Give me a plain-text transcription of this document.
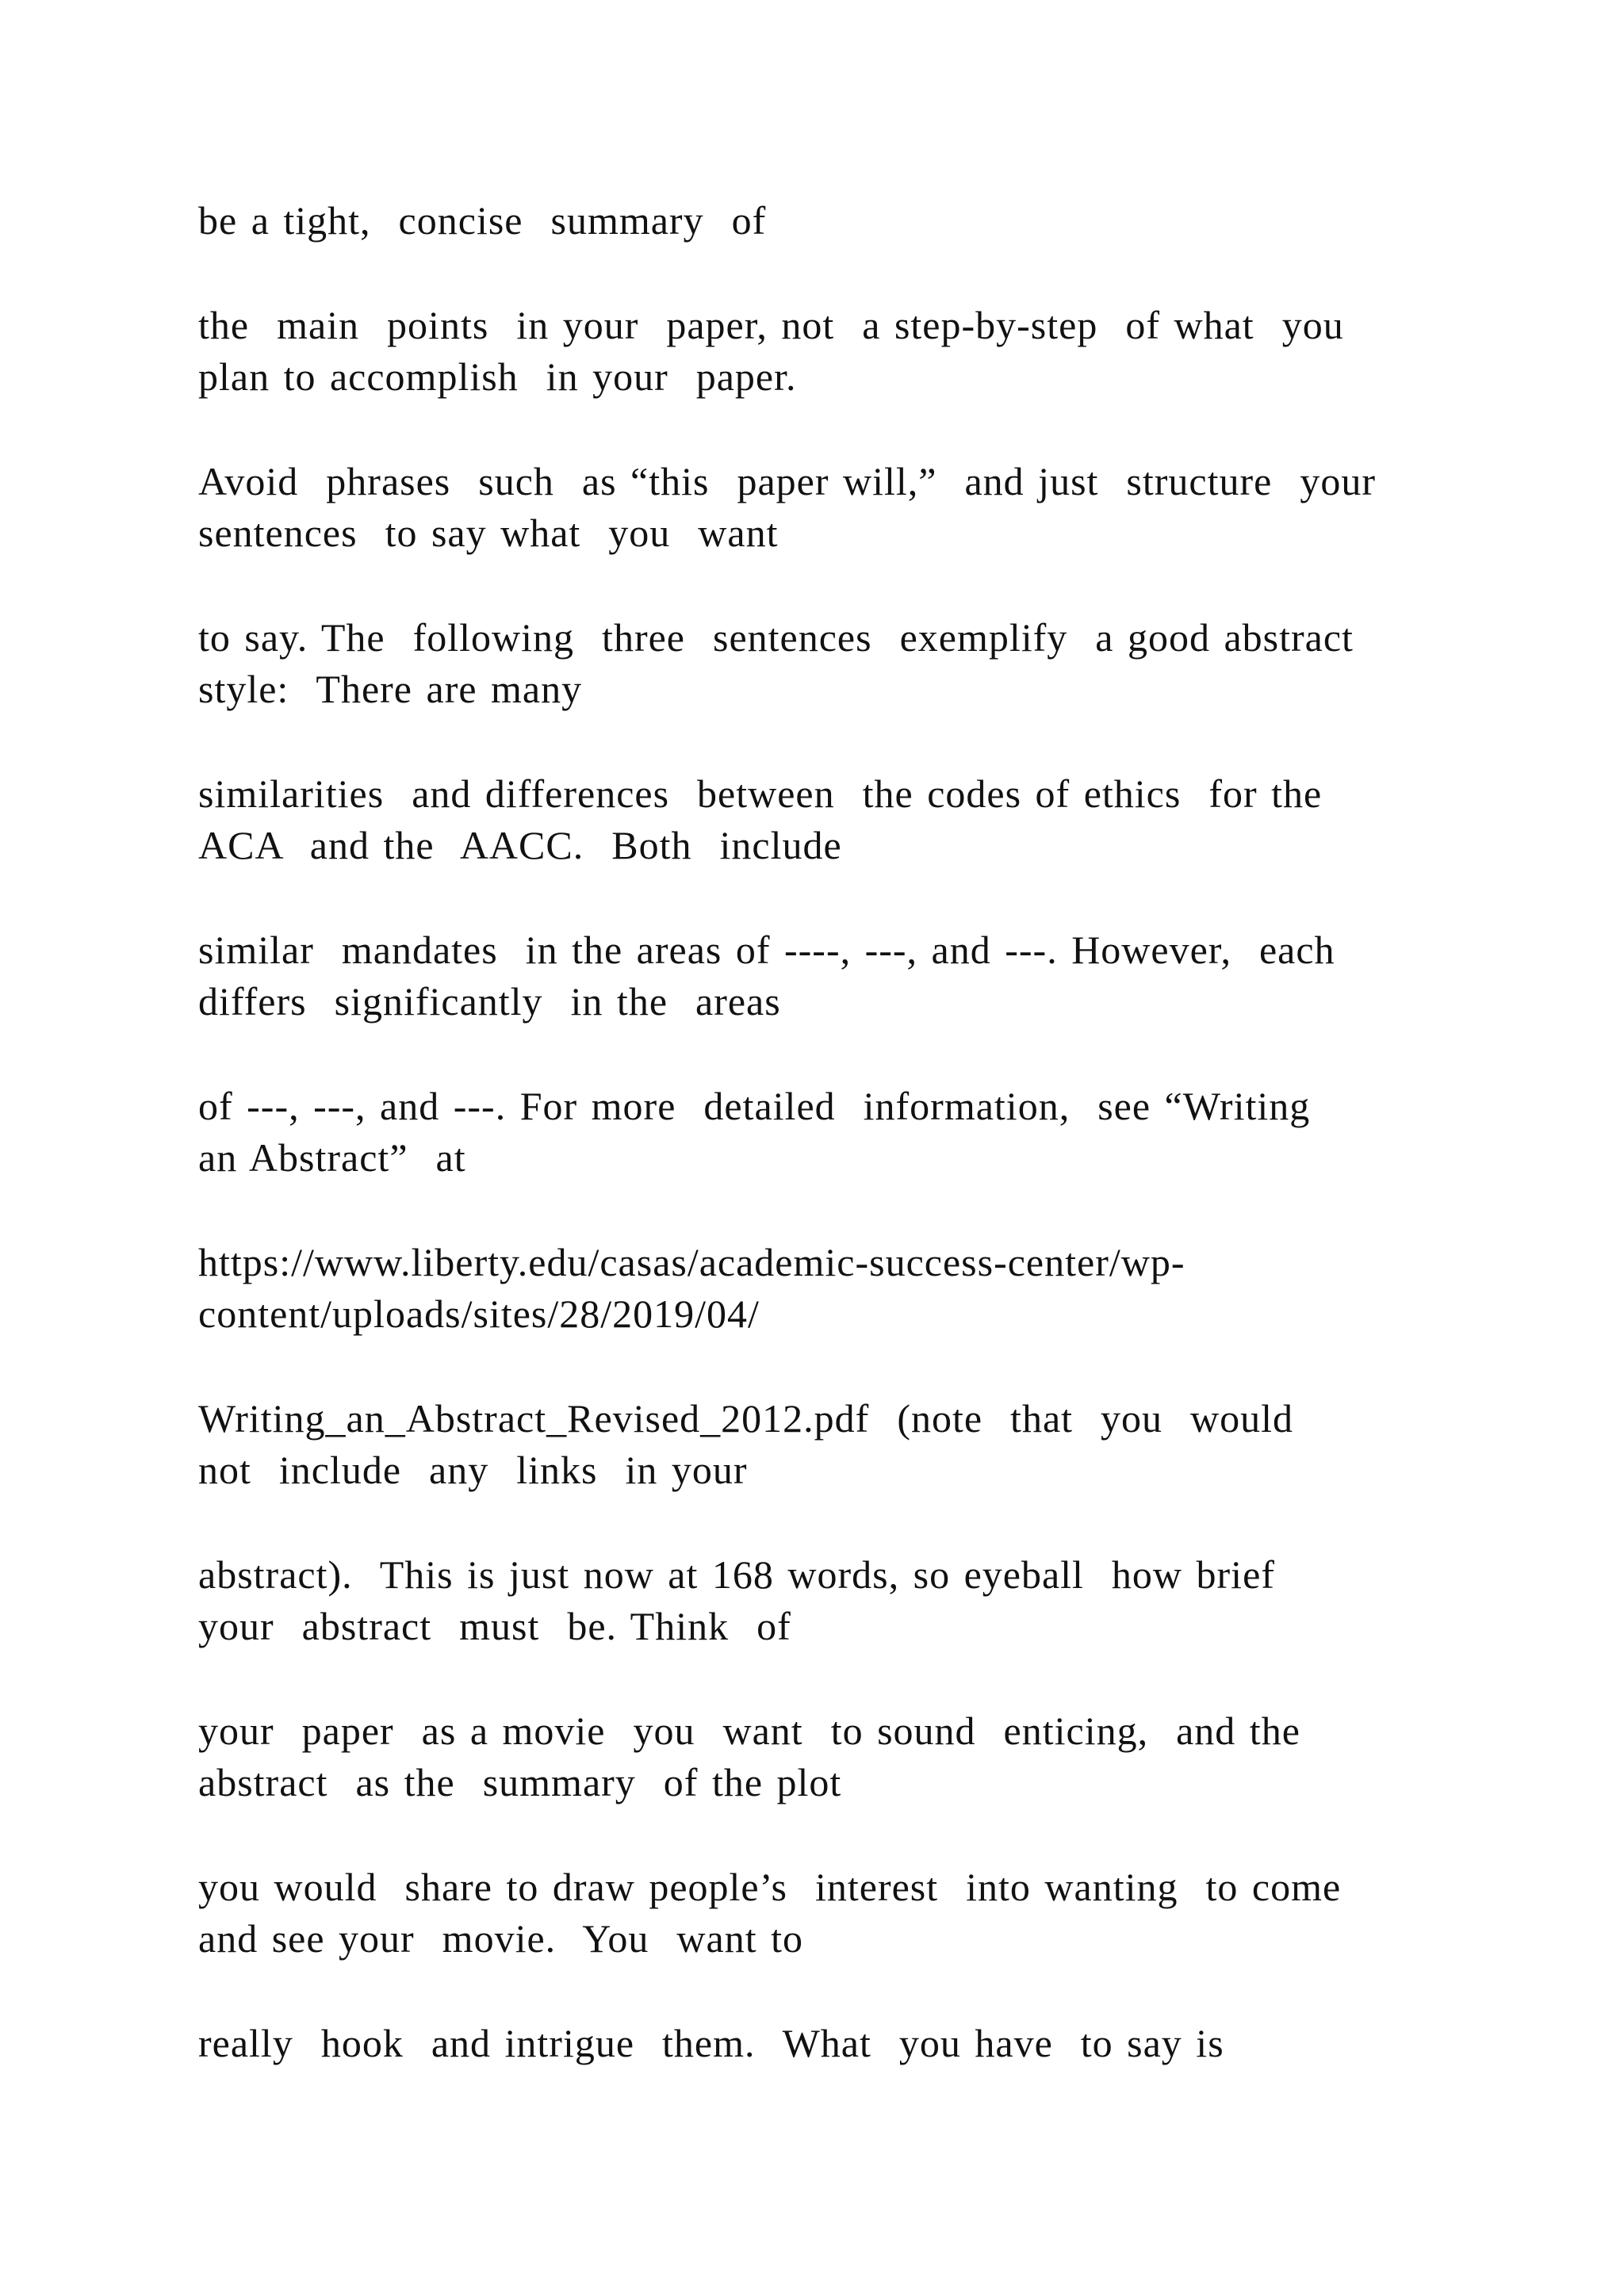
be a tight,  concise  summary  of

the  main  points  in your  paper, not  a step-by-step  of what  you

plan to accomplish  in your  paper.

Avoid  phrases  such  as “this  paper will,”  and just  structure  your

sentences  to say what  you  want

to say. The  following  three  sentences  exemplify  a good abstract

style:  There are many

similarities  and differences  between  the codes of ethics  for the

ACA  and the  AACC.  Both  include

similar  mandates  in the areas of ----, ---, and ---. However,  each

differs  significantly  in the  areas

of ---, ---, and ---. For more  detailed  information,  see “Writing

an Abstract”  at

https://www.liberty.edu/casas/academic-success-center/wp-

content/uploads/sites/28/2019/04/

Writing_an_Abstract_Revised_2012.pdf  (note  that  you  would

not  include  any  links  in your

abstract).  This is just now at 168 words, so eyeball  how brief

your  abstract  must  be. Think  of

your  paper  as a movie  you  want  to sound  enticing,  and the

abstract  as the  summary  of the plot

you would  share to draw people’s  interest  into wanting  to come

and see your  movie.  You  want to

really  hook  and intrigue  them.  What  you have  to say is
